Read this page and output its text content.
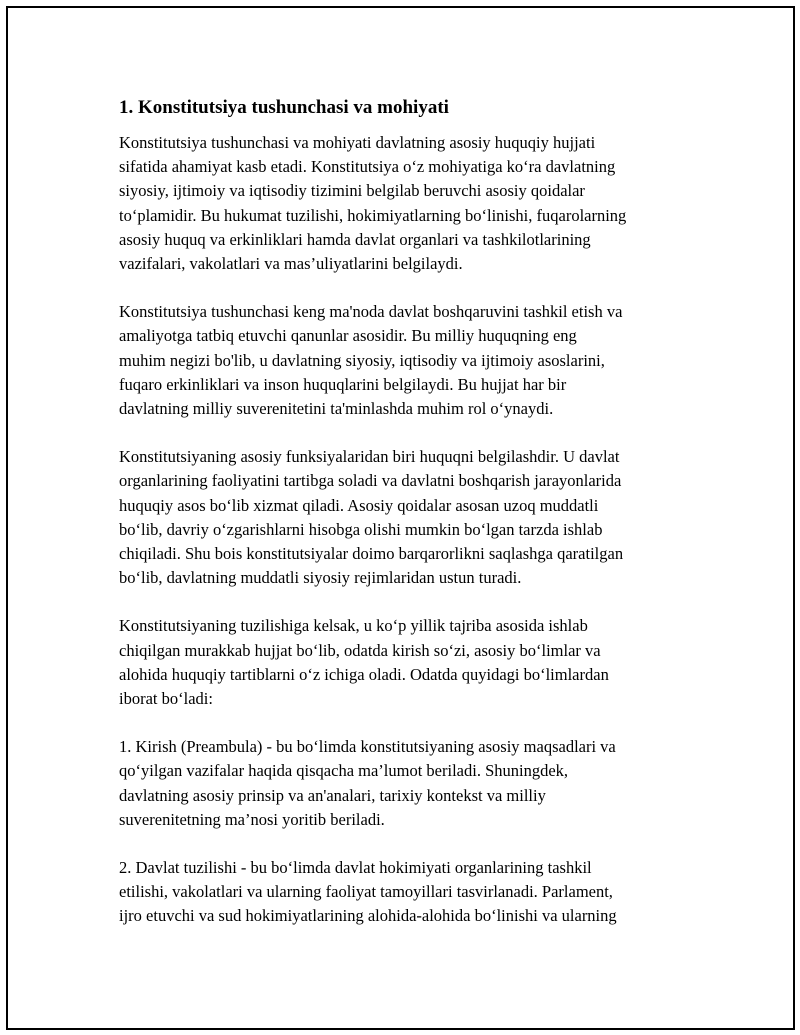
1. Konstitutsiya tushunchasi va mohiyati

Konstitutsiya tushunchasi va mohiyati davlatning asosiy huquqiy hujjati
sifatida ahamiyat kasb etadi. Konstitutsiya o‘z mohiyatiga ko‘ra davlatning
siyosiy, ijtimoiy va iqtisodiy tizimini belgilab beruvchi asosiy qoidalar
to‘plamidir. Bu hukumat tuzilishi, hokimiyatlarning bo‘linishi, fuqarolarning
asosiy huquq va erkinliklari hamda davlat organlari va tashkilotlarining
vazifalari, vakolatlari va mas’uliyatlarini belgilaydi.

Konstitutsiya tushunchasi keng ma'noda davlat boshqaruvini tashkil etish va
amaliyotga tatbiq etuvchi qanunlar asosidir. Bu milliy huquqning eng
muhim negizi bo'lib, u davlatning siyosiy, iqtisodiy va ijtimoiy asoslarini,
fuqaro erkinliklari va inson huquqlarini belgilaydi. Bu hujjat har bir
davlatning milliy suverenitetini ta'minlashda muhim rol o‘ynaydi.

Konstitutsiyaning asosiy funksiyalaridan biri huquqni belgilashdir. U davlat
organlarining faoliyatini tartibga soladi va davlatni boshqarish jarayonlarida
huquqiy asos bo‘lib xizmat qiladi. Asosiy qoidalar asosan uzoq muddatli
bo‘lib, davriy o‘zgarishlarni hisobga olishi mumkin bo‘lgan tarzda ishlab
chiqiladi. Shu bois konstitutsiyalar doimo barqarorlikni saqlashga qaratilgan
bo‘lib, davlatning muddatli siyosiy rejimlaridan ustun turadi.

Konstitutsiyaning tuzilishiga kelsak, u ko‘p yillik tajriba asosida ishlab
chiqilgan murakkab hujjat bo‘lib, odatda kirish so‘zi, asosiy bo‘limlar va
alohida huquqiy tartiblarni o‘z ichiga oladi. Odatda quyidagi bo‘limlardan
iborat bo‘ladi:

1. Kirish (Preambula) - bu bo‘limda konstitutsiyaning asosiy maqsadlari va
qo‘yilgan vazifalar haqida qisqacha ma’lumot beriladi. Shuningdek,
davlatning asosiy prinsip va an'analari, tarixiy kontekst va milliy
suverenitetning ma’nosi yoritib beriladi.

2. Davlat tuzilishi - bu bo‘limda davlat hokimiyati organlarining tashkil
etilishi, vakolatlari va ularning faoliyat tamoyillari tasvirlanadi. Parlament,
ijro etuvchi va sud hokimiyatlarining alohida-alohida bo‘linishi va ularning
